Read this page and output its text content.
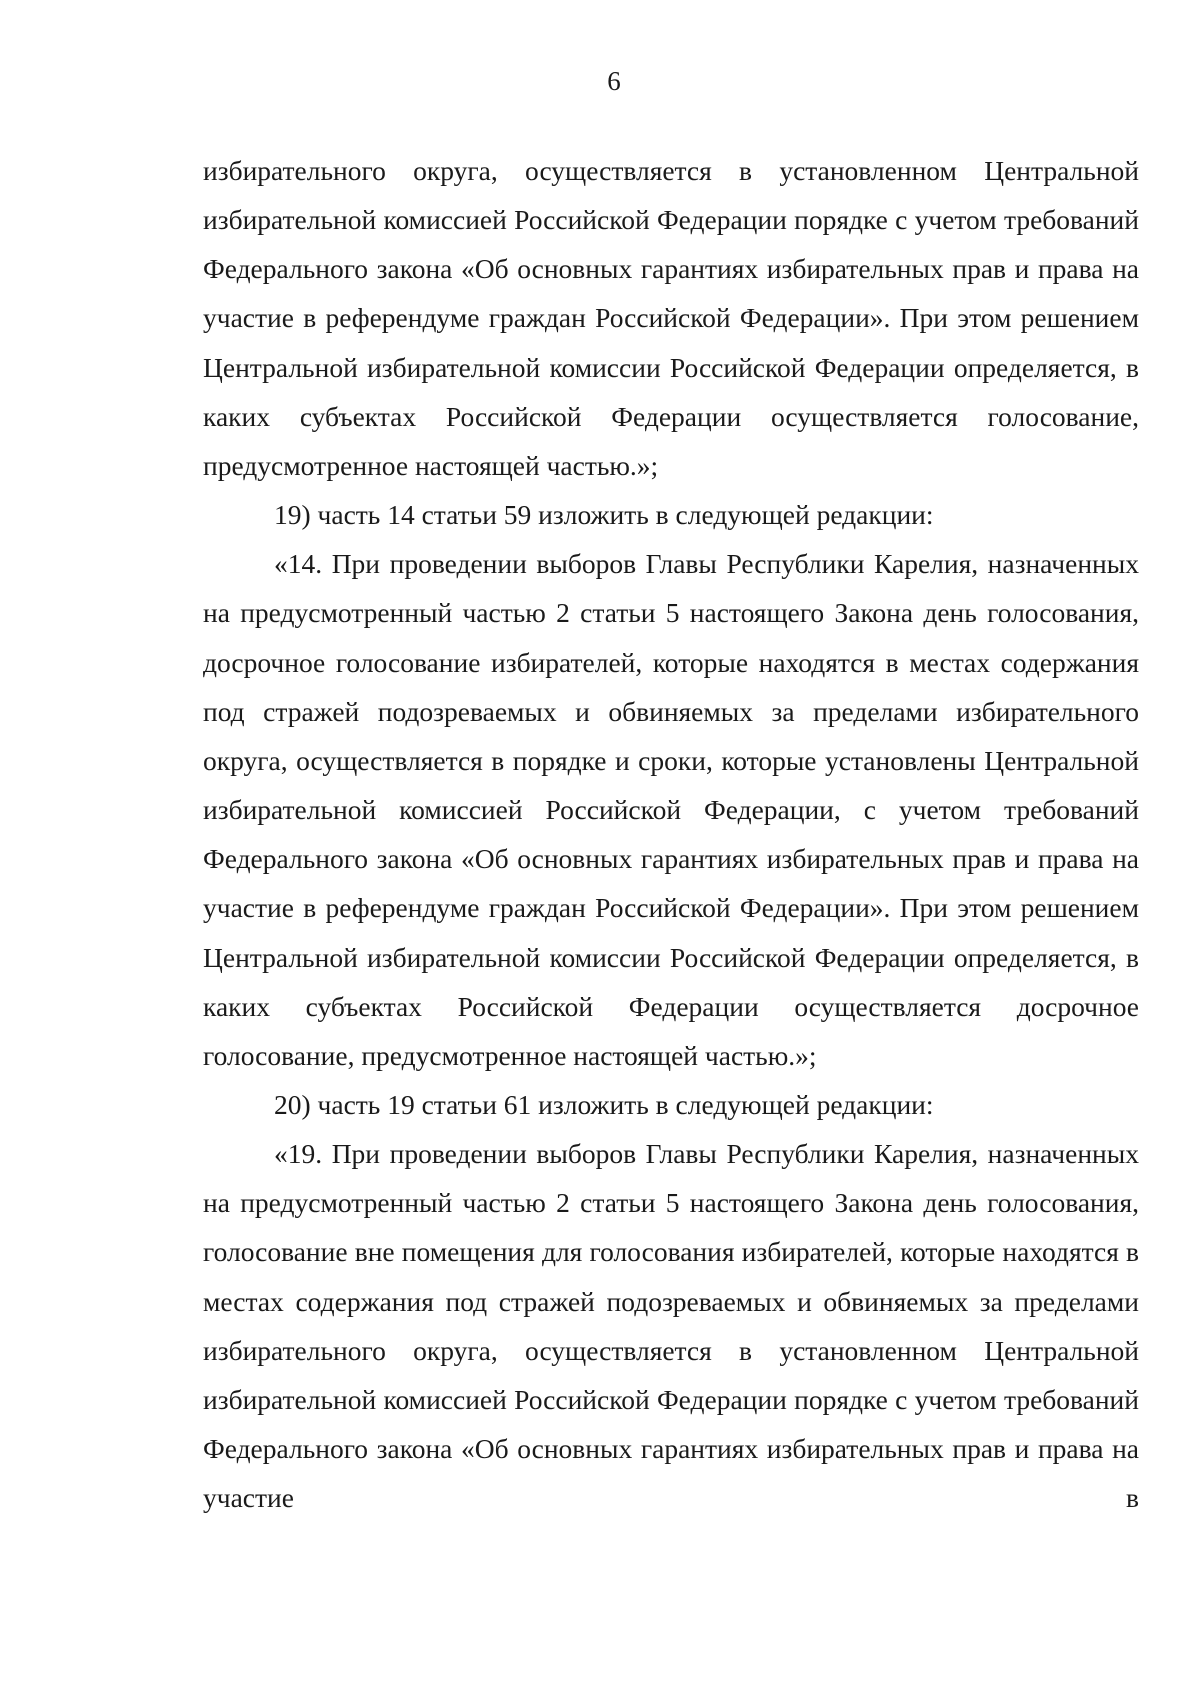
6

избирательного округа, осуществляется в установленном Центральной избирательной комиссией Российской Федерации порядке с учетом требований Федерального закона «Об основных гарантиях избирательных прав и права на участие в референдуме граждан Российской Федерации». При этом решением Центральной избирательной комиссии Российской Федерации определяется, в каких субъектах Российской Федерации осуществляется голосование, предусмотренное настоящей частью.»;

19) часть 14 статьи 59 изложить в следующей редакции:

«14. При проведении выборов Главы Республики Карелия, назначенных на предусмотренный частью 2 статьи 5 настоящего Закона день голосования, досрочное голосование избирателей, которые находятся в местах содержания под стражей подозреваемых и обвиняемых за пределами избирательного округа, осуществляется в порядке и сроки, которые установлены Центральной избирательной комиссией Российской Федерации, с учетом требований Федерального закона «Об основных гарантиях избирательных прав и права на участие в референдуме граждан Российской Федерации». При этом решением Центральной избирательной комиссии Российской Федерации определяется, в каких субъектах Российской Федерации осуществляется досрочное голосование, предусмотренное настоящей частью.»;

20) часть 19 статьи 61 изложить в следующей редакции:

«19. При проведении выборов Главы Республики Карелия, назначенных на предусмотренный частью 2 статьи 5 настоящего Закона день голосования, голосование вне помещения для голосования избирателей, которые находятся в местах содержания под стражей подозреваемых и обвиняемых за пределами избирательного округа, осуществляется в установленном Центральной избирательной комиссией Российской Федерации порядке с учетом требований Федерального закона «Об основных гарантиях избирательных прав и права на участие в
